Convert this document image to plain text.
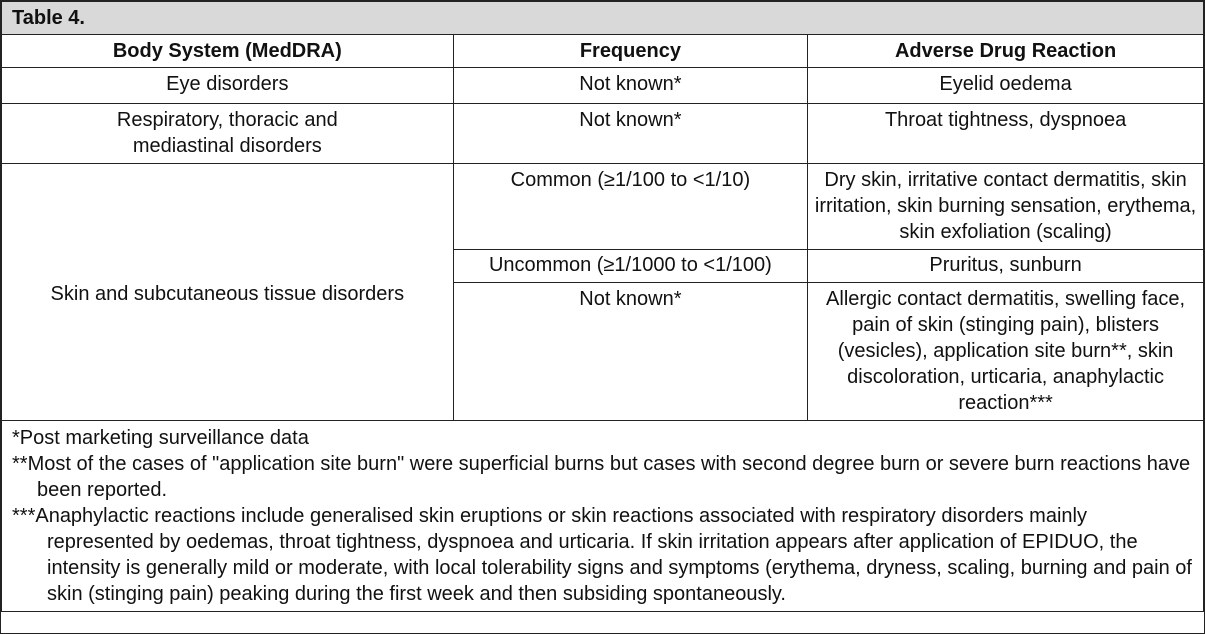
Table 4.		
Body System (MedDRA)	Frequency	Adverse Drug Reaction
Eye disorders	Not known*	Eyelid oedema

Respiratory, thoracic and
mediastinal disorders	Not known*	Throat tightness, dyspnoea
Skin and subcutaneous tissue disorders	Common (≥1/100 to <1/10)	Dry skin, irritative contact dermatitis, skin irritation, skin burning sensation, erythema, skin exfoliation (scaling)
	Uncommon (≥1/1000 to <1/100)	Pruritus, sunburn
	Not known*	Allergic contact dermatitis, swelling face, pain of skin (stinging pain), blisters (vesicles), application site burn**, skin discoloration, urticaria, anaphylactic reaction***

*Post marketing surveillance data
**Most of the cases of "application site burn" were superficial burns but cases with second degree burn or severe burn reactions have been reported.
***Anaphylactic reactions include generalised skin eruptions or skin reactions associated with respiratory disorders mainly represented by oedemas, throat tightness, dyspnoea and urticaria. If skin irritation appears after application of EPIDUO, the intensity is generally mild or moderate, with local tolerability signs and symptoms (erythema, dryness, scaling, burning and pain of skin (stinging pain) peaking during the first week and then subsiding spontaneously.		
